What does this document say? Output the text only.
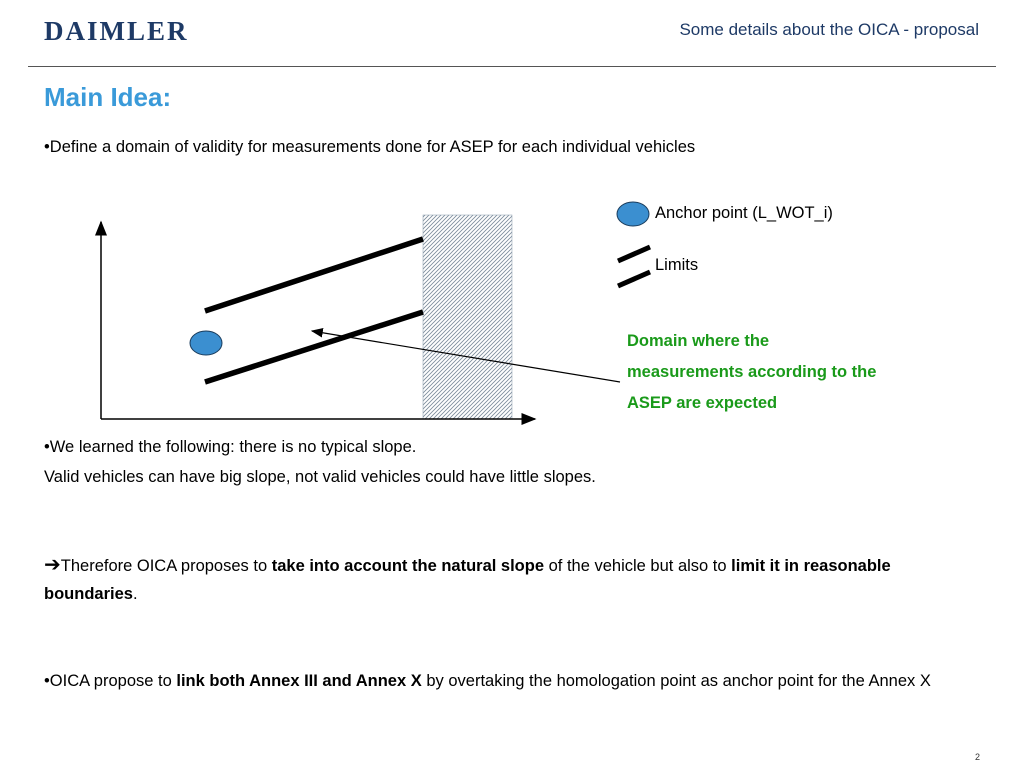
DAIMLER	Some details about the OICA - proposal
Main Idea:
•Define a domain of validity for measurements done for ASEP for each individual vehicles
Anchor point (L_WOT_i)
Limits
Domain where the measurements according to the ASEP are expected
•We learned the following: there is no typical slope.
Valid vehicles can have big slope, not valid vehicles could have little slopes.
➔Therefore OICA proposes to take into account the natural slope of the vehicle but also to limit it in reasonable boundaries.
•OICA propose to link both Annex III and Annex X by overtaking the homologation point as anchor point for the Annex X
2
